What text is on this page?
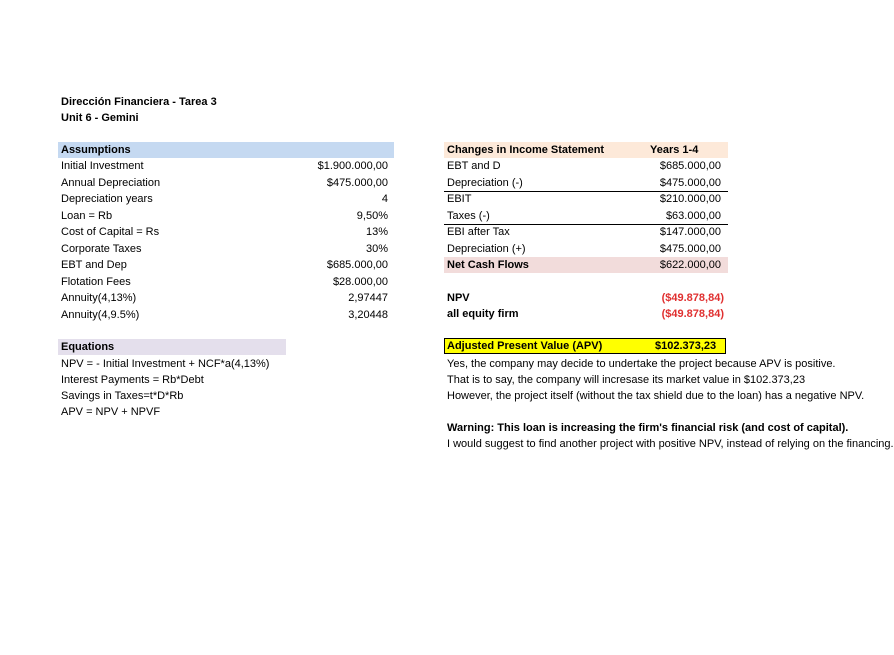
Dirección Financiera - Tarea 3
Unit 6 - Gemini
Assumptions
Initial Investment	$1.900.000,00
Annual Depreciation	$475.000,00
Depreciation years	4
Loan = Rb	9,50%
Cost of Capital = Rs	13%
Corporate Taxes	30%
EBT and Dep	$685.000,00
Flotation Fees	$28.000,00
Annuity(4,13%)	2,97447
Annuity(4,9.5%)	3,20448
Equations
NPV = - Initial Investment + NCF*a(4,13%)
Interest Payments = Rb*Debt
Savings in Taxes=t*D*Rb
APV = NPV + NPVF
Changes in Income Statement	Years 1-4
EBT and D	$685.000,00
Depreciation (-)	$475.000,00
EBIT	$210.000,00
Taxes (-)	$63.000,00
EBI after Tax	$147.000,00
Depreciation (+)	$475.000,00
Net Cash Flows	$622.000,00
NPV	($49.878,84)
all equity firm	($49.878,84)
Adjusted Present Value (APV)	$102.373,23
Yes, the company may decide to undertake the project because APV is positive.
That is to say, the company will incresase its market value in $102.373,23
However, the project itself (without the tax shield due to the loan) has a negative NPV.
Warning: This loan is increasing the firm's financial risk (and cost of capital).
I would suggest to find another project with positive NPV, instead of relying on the financing.
